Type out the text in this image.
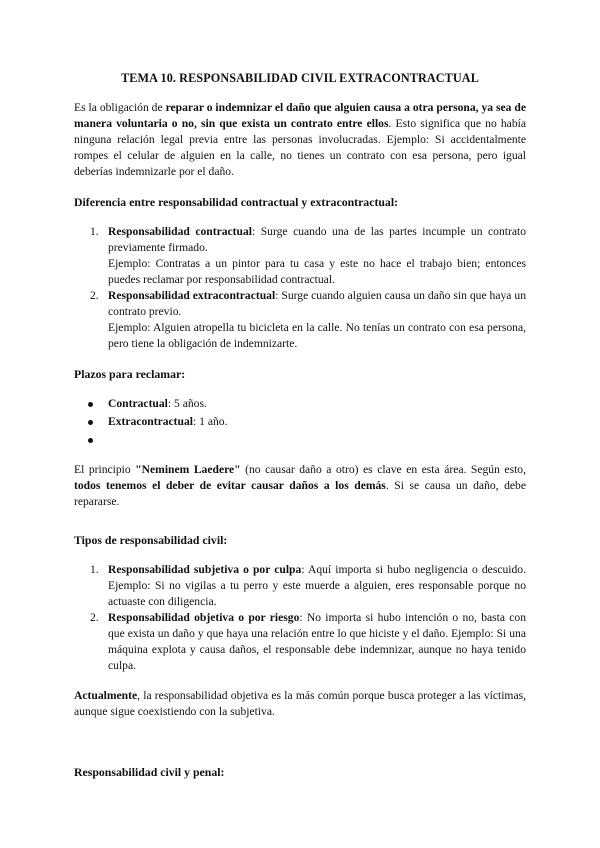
TEMA 10. RESPONSABILIDAD CIVIL EXTRACONTRACTUAL

Es la obligación de reparar o indemnizar el daño que alguien causa a otra persona, ya sea de manera voluntaria o no, sin que exista un contrato entre ellos. Esto significa que no había ninguna relación legal previa entre las personas involucradas. Ejemplo: Si accidentalmente rompes el celular de alguien en la calle, no tienes un contrato con esa persona, pero igual deberías indemnizarle por el daño.

Diferencia entre responsabilidad contractual y extracontractual:
1. Responsabilidad contractual: Surge cuando una de las partes incumple un contrato previamente firmado.
Ejemplo: Contratas a un pintor para tu casa y este no hace el trabajo bien; entonces puedes reclamar por responsabilidad contractual.
2. Responsabilidad extracontractual: Surge cuando alguien causa un daño sin que haya un contrato previo.
Ejemplo: Alguien atropella tu bicicleta en la calle. No tenías un contrato con esa persona, pero tiene la obligación de indemnizarte.
Plazos para reclamar:
Contractual: 5 años.
Extracontractual: 1 año.

El principio "Neminem Laedere" (no causar daño a otro) es clave en esta área. Según esto, todos tenemos el deber de evitar causar daños a los demás. Si se causa un daño, debe repararse.

Tipos de responsabilidad civil:
1. Responsabilidad subjetiva o por culpa: Aquí importa si hubo negligencia o descuido. Ejemplo: Si no vigilas a tu perro y este muerde a alguien, eres responsable porque no actuaste con diligencia.
2. Responsabilidad objetiva o por riesgo: No importa si hubo intención o no, basta con que exista un daño y que haya una relación entre lo que hiciste y el daño. Ejemplo: Si una máquina explota y causa daños, el responsable debe indemnizar, aunque no haya tenido culpa.

Actualmente, la responsabilidad objetiva es la más común porque busca proteger a las víctimas, aunque sigue coexistiendo con la subjetiva.

Responsabilidad civil y penal:
